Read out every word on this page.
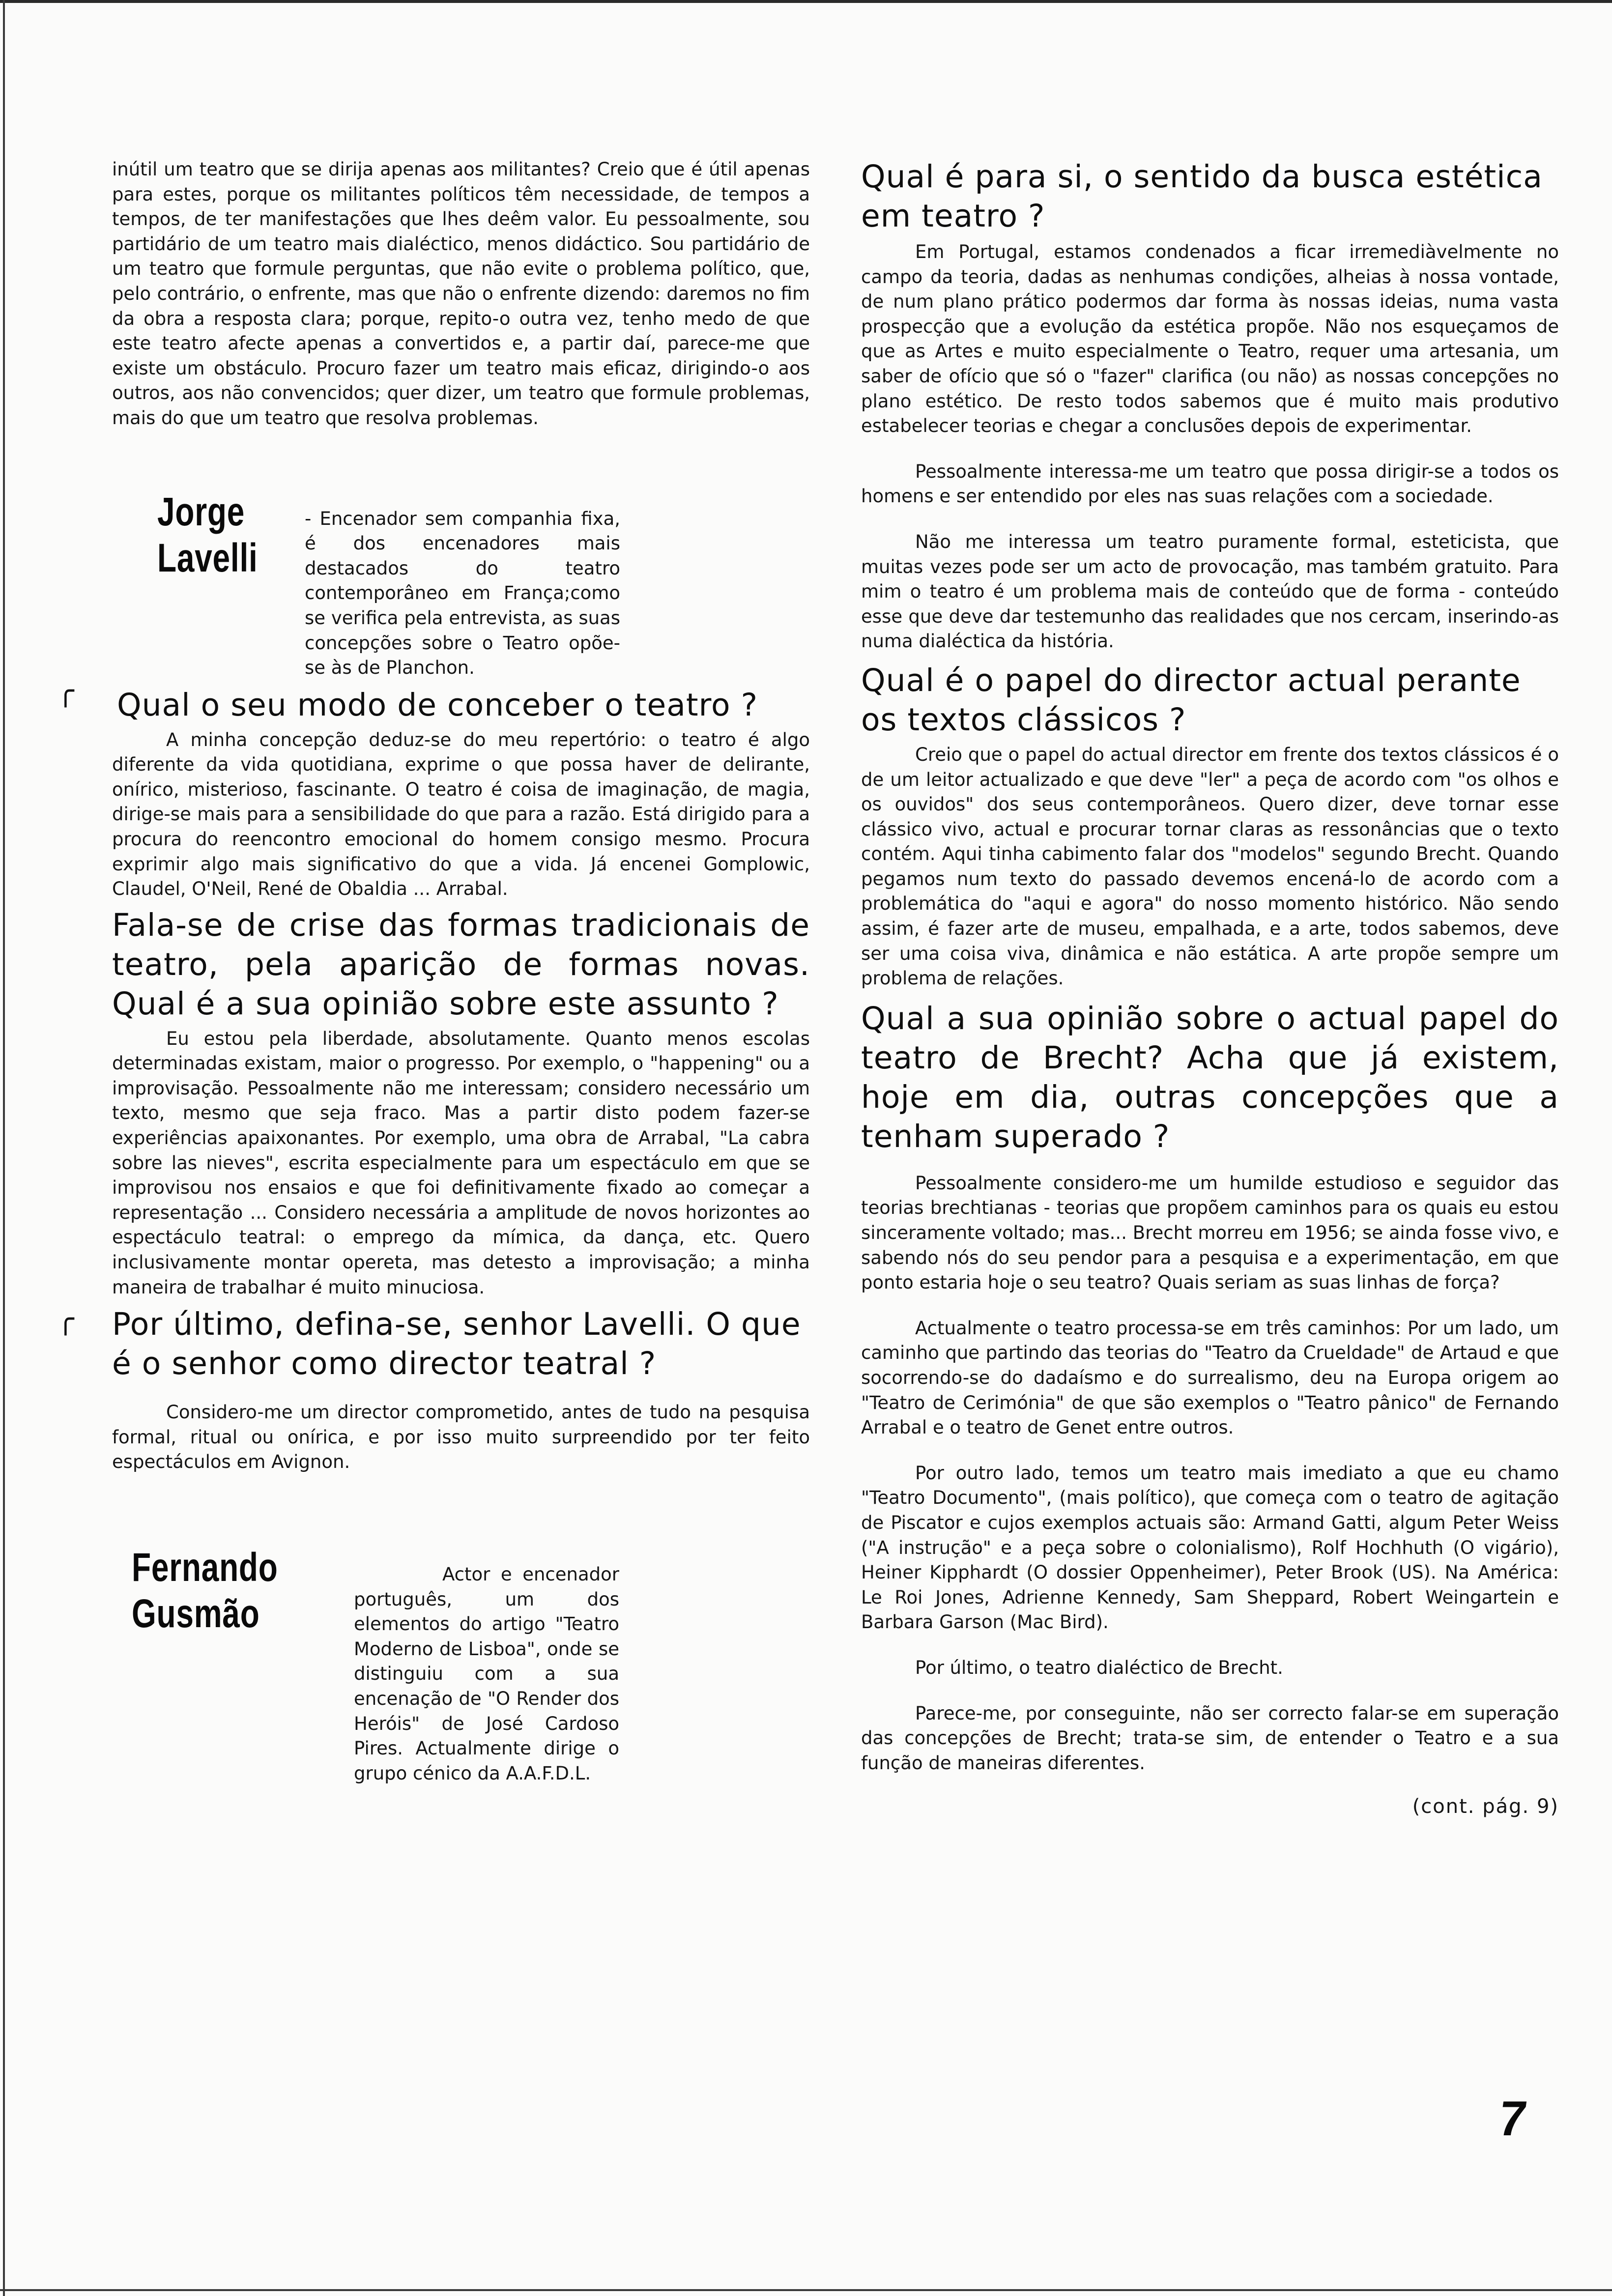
inútil um teatro que se dirija apenas aos militantes? Creio que é útil apenas para estes, porque os militantes políticos têm necessidade, de tempos a tempos, de ter manifestações que lhes deêm valor. Eu pessoalmente, sou partidário de um teatro mais dialéctico, menos didáctico. Sou partidário de um teatro que formule perguntas, que não evite o problema político, que, pelo contrário, o enfrente, mas que não o enfrente dizendo: daremos no fim da obra a resposta clara; porque, repito-o outra vez, tenho medo de que este teatro afecte apenas a convertidos e, a partir daí, parece-me que existe um obstáculo. Procuro fazer um teatro mais eficaz, dirigindo-o aos outros, aos não convencidos; quer dizer, um teatro que formule problemas, mais do que um teatro que resolva problemas.

Jorge Lavelli
- Encenador sem companhia fixa, é dos encenadores mais destacados do teatro contemporâneo em França;como se verifica pela entrevista, as suas concepções sobre o Teatro opõe-se às de Planchon.
╭ Qual o seu modo de conceber o teatro ?

A minha concepção deduz-se do meu repertório: o teatro é algo diferente da vida quotidiana, exprime o que possa haver de delirante, onírico, misterioso, fascinante. O teatro é coisa de imaginação, de magia, dirige-se mais para a sensibilidade do que para a razão. Está dirigido para a procura do reencontro emocional do homem consigo mesmo. Procura exprimir algo mais significativo do que a vida. Já encenei Gomplowic, Claudel, O'Neil, René de Obaldia ... Arrabal.

Fala-se de crise das formas tradicionais de teatro, pela aparição de formas novas. Qual é a sua opinião sobre este assunto ?
╭

Eu estou pela liberdade, absolutamente. Quanto menos escolas determinadas existam, maior o progresso. Por exemplo, o "happening" ou a improvisação. Pessoalmente não me interessam; considero necessário um texto, mesmo que seja fraco. Mas a partir disto podem fazer-se experiências apaixonantes. Por exemplo, uma obra de Arrabal, "La cabra sobre las nieves", escrita especialmente para um espectáculo em que se improvisou nos ensaios e que foi definitivamente fixado ao começar a representação ... Considero necessária a amplitude de novos horizontes ao espectáculo teatral: o emprego da mímica, da dança, etc. Quero inclusivamente montar opereta, mas detesto a improvisação; a minha maneira de trabalhar é muito minuciosa.

Por último, defina-se, senhor Lavelli. O que é o senhor como director teatral ?

Considero-me um director comprometido, antes de tudo na pesquisa formal, ritual ou onírica, e por isso muito surpreendido por ter feito espectáculos em Avignon.

Fernando Gusmão
Actor e encenador português, um dos elementos do artigo "Teatro Moderno de Lisboa", onde se distinguiu com a sua encenação de "O Render dos Heróis" de José Cardoso Pires. Actualmente dirige o grupo cénico da A.A.F.D.L.
Qual é para si, o sentido da busca estética em teatro ?

Em Portugal, estamos condenados a ficar irremediàvelmente no campo da teoria, dadas as nenhumas condições, alheias à nossa vontade, de num plano prático podermos dar forma às nossas ideias, numa vasta prospecção que a evolução da estética propõe. Não nos esqueçamos de que as Artes e muito especialmente o Teatro, requer uma artesania, um saber de ofício que só o "fazer" clarifica (ou não) as nossas concepções no plano estético. De resto todos sabemos que é muito mais produtivo estabelecer teorias e chegar a conclusões depois de experimentar.

Pessoalmente interessa-me um teatro que possa dirigir-se a todos os homens e ser entendido por eles nas suas relações com a sociedade.

Não me interessa um teatro puramente formal, esteticista, que muitas vezes pode ser um acto de provocação, mas também gratuito. Para mim o teatro é um problema mais de conteúdo que de forma - conteúdo esse que deve dar testemunho das realidades que nos cercam, inserindo-as numa dialéctica da história.

Qual é o papel do director actual perante os textos clássicos ?

Creio que o papel do actual director em frente dos textos clássicos é o de um leitor actualizado e que deve "ler" a peça de acordo com "os olhos e os ouvidos" dos seus contemporâneos. Quero dizer, deve tornar esse clássico vivo, actual e procurar tornar claras as ressonâncias que o texto contém. Aqui tinha cabimento falar dos "modelos" segundo Brecht. Quando pegamos num texto do passado devemos encená-lo de acordo com a problemática do "aqui e agora" do nosso momento histórico. Não sendo assim, é fazer arte de museu, empalhada, e a arte, todos sabemos, deve ser uma coisa viva, dinâmica e não estática. A arte propõe sempre um problema de relações.

Qual a sua opinião sobre o actual papel do teatro de Brecht? Acha que já existem, hoje em dia, outras concepções que a tenham superado ?

Pessoalmente considero-me um humilde estudioso e seguidor das teorias brechtianas - teorias que propõem caminhos para os quais eu estou sinceramente voltado; mas... Brecht morreu em 1956; se ainda fosse vivo, e sabendo nós do seu pendor para a pesquisa e a experimentação, em que ponto estaria hoje o seu teatro? Quais seriam as suas linhas de força?

Actualmente o teatro processa-se em três caminhos: Por um lado, um caminho que partindo das teorias do "Teatro da Crueldade" de Artaud e que socorrendo-se do dadaísmo e do surrealismo, deu na Europa origem ao "Teatro de Cerimónia" de que são exemplos o "Teatro pânico" de Fernando Arrabal e o teatro de Genet entre outros.

Por outro lado, temos um teatro mais imediato a que eu chamo "Teatro Documento", (mais político), que começa com o teatro de agitação de Piscator e cujos exemplos actuais são: Armand Gatti, algum Peter Weiss ("A instrução" e a peça sobre o colonialismo), Rolf Hochhuth (O vigário), Heiner Kipphardt (O dossier Oppenheimer), Peter Brook (US). Na América: Le Roi Jones, Adrienne Kennedy, Sam Sheppard, Robert Weingartein e Barbara Garson (Mac Bird).

Por último, o teatro dialéctico de Brecht.

Parece-me, por conseguinte, não ser correcto falar-se em superação das concepções de Brecht; trata-se sim, de entender o Teatro e a sua função de maneiras diferentes.

(cont. pág. 9)
7
